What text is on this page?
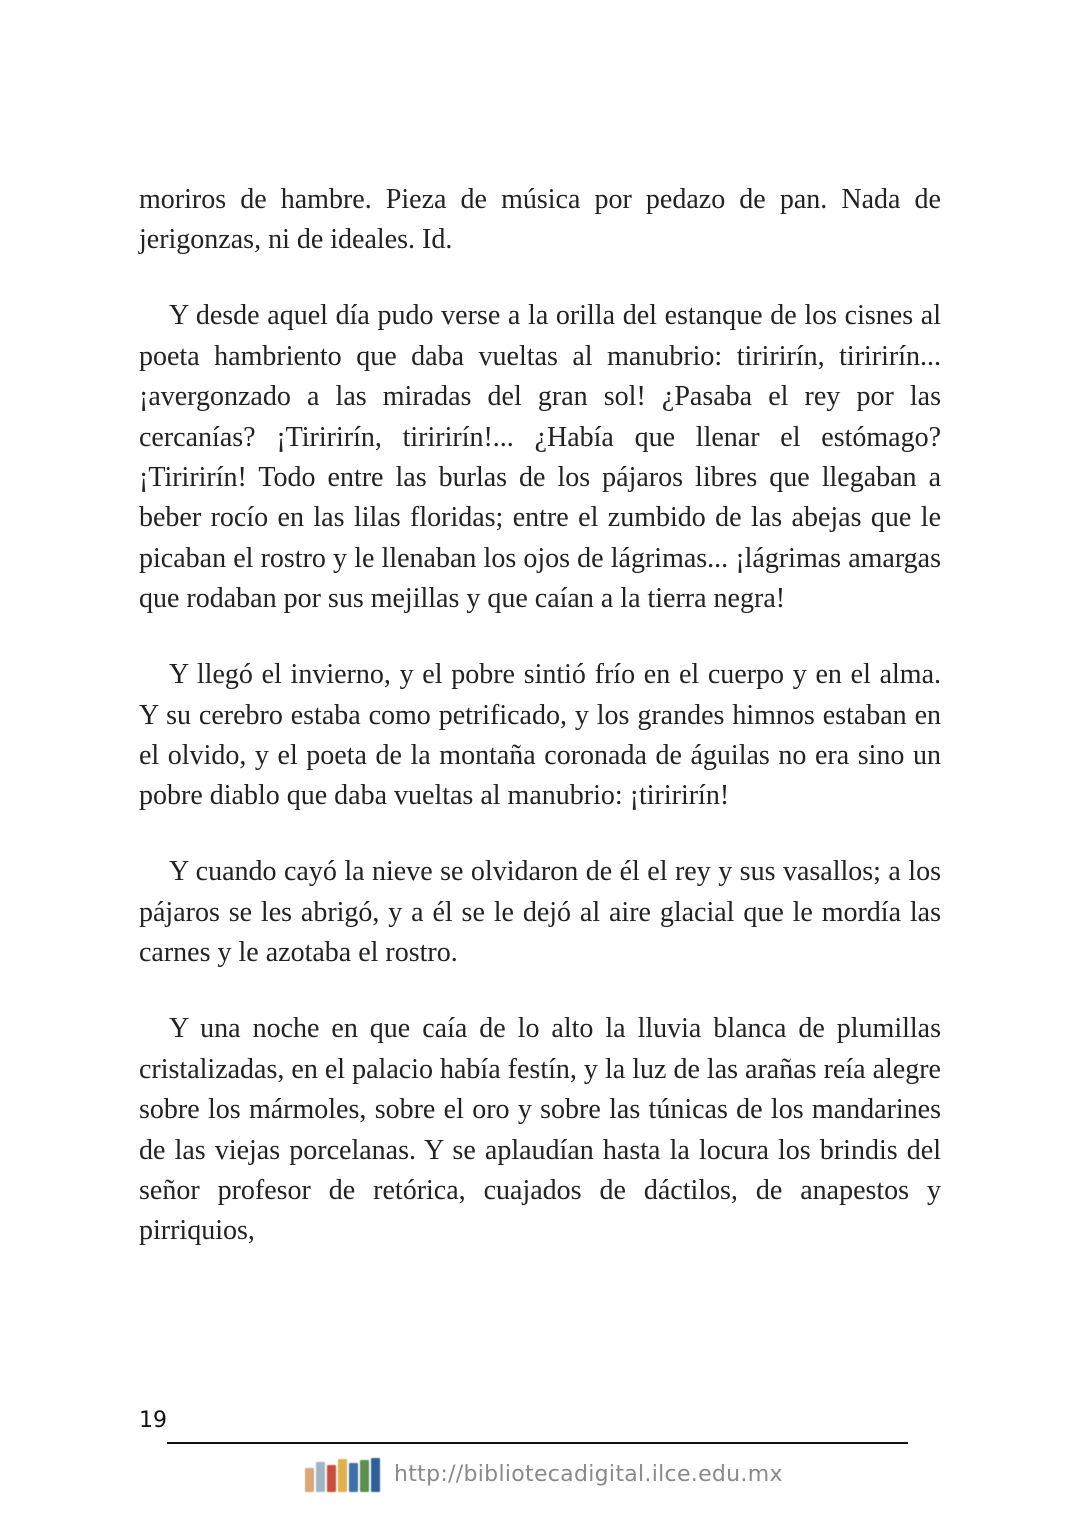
moriros de hambre. Pieza de música por pedazo de pan. Nada de jerigonzas, ni de ideales. Id.

Y desde aquel día pudo verse a la orilla del estanque de los cisnes al poeta hambriento que daba vueltas al manubrio: tiririrín, tiririrín... ¡avergonzado a las miradas del gran sol! ¿Pasaba el rey por las cercanías? ¡Tiririrín, tiririrín!... ¿Había que llenar el estómago? ¡Tiririrín! Todo entre las burlas de los pájaros libres que llegaban a beber rocío en las lilas floridas; entre el zumbido de las abejas que le picaban el rostro y le llenaban los ojos de lágrimas... ¡lágrimas amargas que rodaban por sus mejillas y que caían a la tierra negra!

Y llegó el invierno, y el pobre sintió frío en el cuerpo y en el alma. Y su cerebro estaba como petrificado, y los grandes himnos estaban en el olvido, y el poeta de la montaña coronada de águilas no era sino un pobre diablo que daba vueltas al manubrio: ¡tiririrín!

Y cuando cayó la nieve se olvidaron de él el rey y sus vasallos; a los pájaros se les abrigó, y a él se le dejó al aire glacial que le mordía las carnes y le azotaba el rostro.

Y una noche en que caía de lo alto la lluvia blanca de plumillas cristalizadas, en el palacio había festín, y la luz de las arañas reía alegre sobre los mármoles, sobre el oro y sobre las túnicas de los mandarines de las viejas porcelanas. Y se aplaudían hasta la locura los brindis del señor profesor de retórica, cuajados de dáctilos, de anapestos y pirriquios,

19

http://bibliotecadigital.ilce.edu.mx
